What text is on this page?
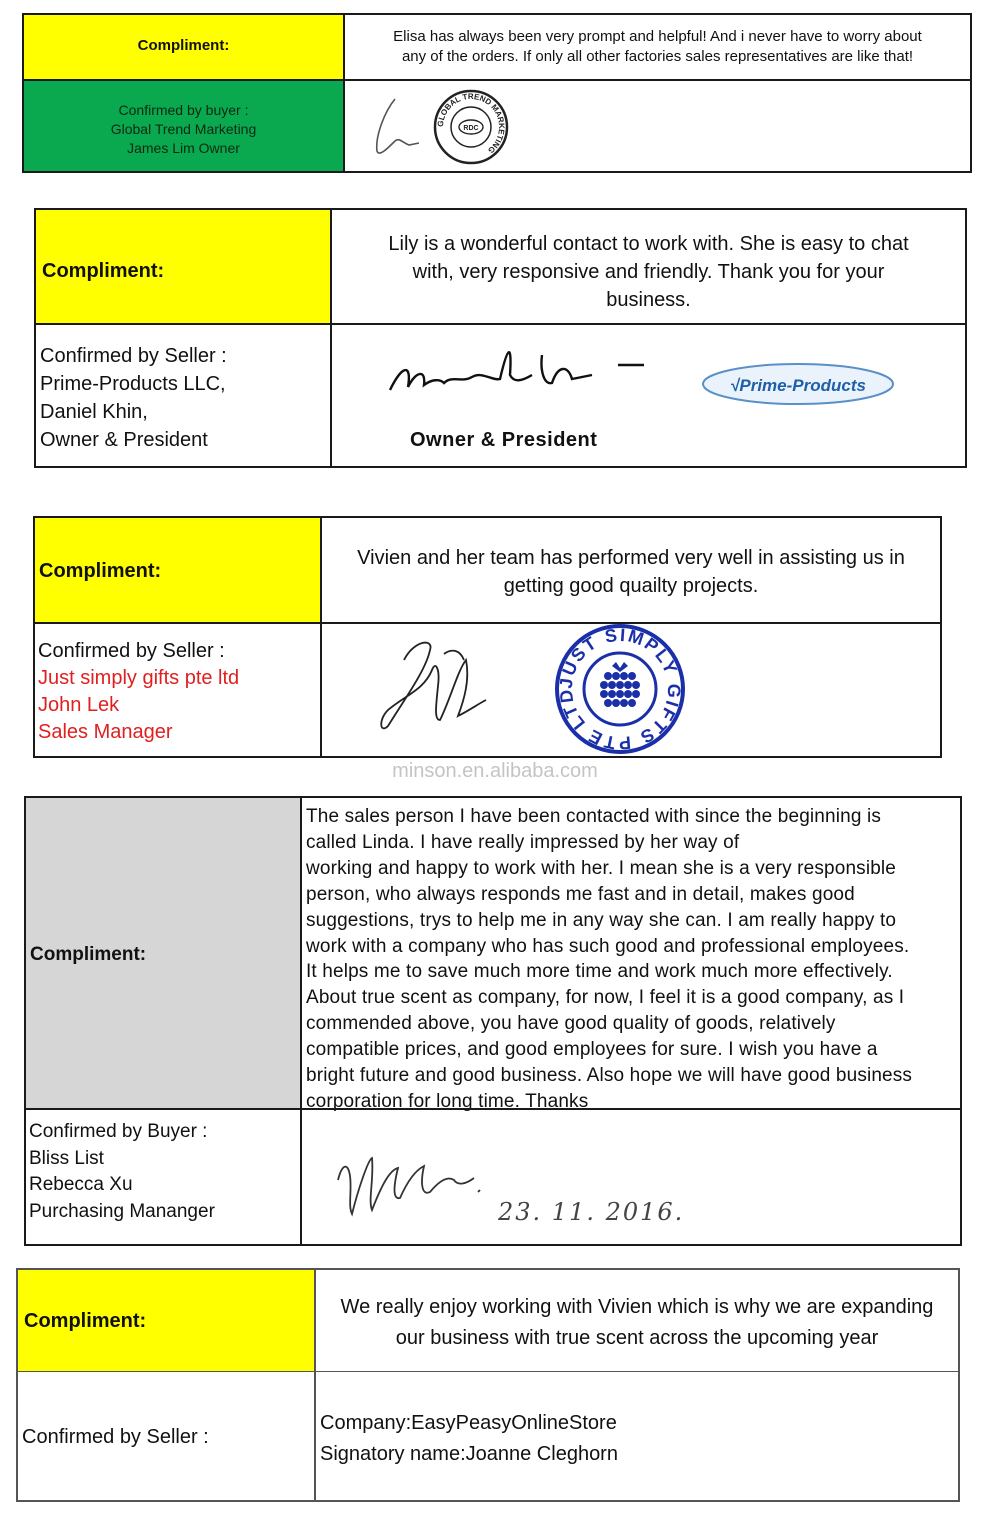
Compliment:
Elisa has always been very prompt and helpful! And i never have to worry about
any of the orders. If only all other factories sales representatives are like that!
Confirmed by buyer :
Global Trend Marketing
James Lim Owner
GLOBAL TREND MARKETING
RDC
Compliment:
Lily is a wonderful contact to work with. She is easy to chat
with, very responsive and friendly. Thank you for your
business.
Confirmed by Seller :
Prime-Products LLC,
Daniel Khin,
Owner & President	Owner & President
√Prime-Products
Compliment:
Vivien and her team has performed very well in assisting us in
getting good quailty projects.
Confirmed by Seller :
Just simply gifts pte ltd
John Lek
Sales Manager
JUST SIMPLY GIFTS PTE LTD
minson.en.alibaba.com
Compliment:
The sales person I have been contacted with since the beginning is
called Linda. I have really impressed by her way of
working and happy to work with her. I mean she is a very responsible
person, who always responds me fast and in detail, makes good
suggestions, trys to help me in any way she can. I am really happy to
work with a company who has such good and professional employees.
It helps me to save much more time and work much more effectively.
About true scent as company, for now, I feel it is a good company, as I
commended above, you have good quality of goods, relatively
compatible prices, and good employees for sure. I wish you have a
bright future and good business. Also hope we will have good business
corporation for long time. Thanks
Confirmed by Buyer :
Bliss List
Rebecca Xu
Purchasing Mananger	23. 11. 2016.
Compliment:
We really enjoy working with Vivien which is why we are expanding
our business with true scent across the upcoming year
Confirmed by Seller :
Company:EasyPeasyOnlineStore
Signatory name:Joanne Cleghorn
